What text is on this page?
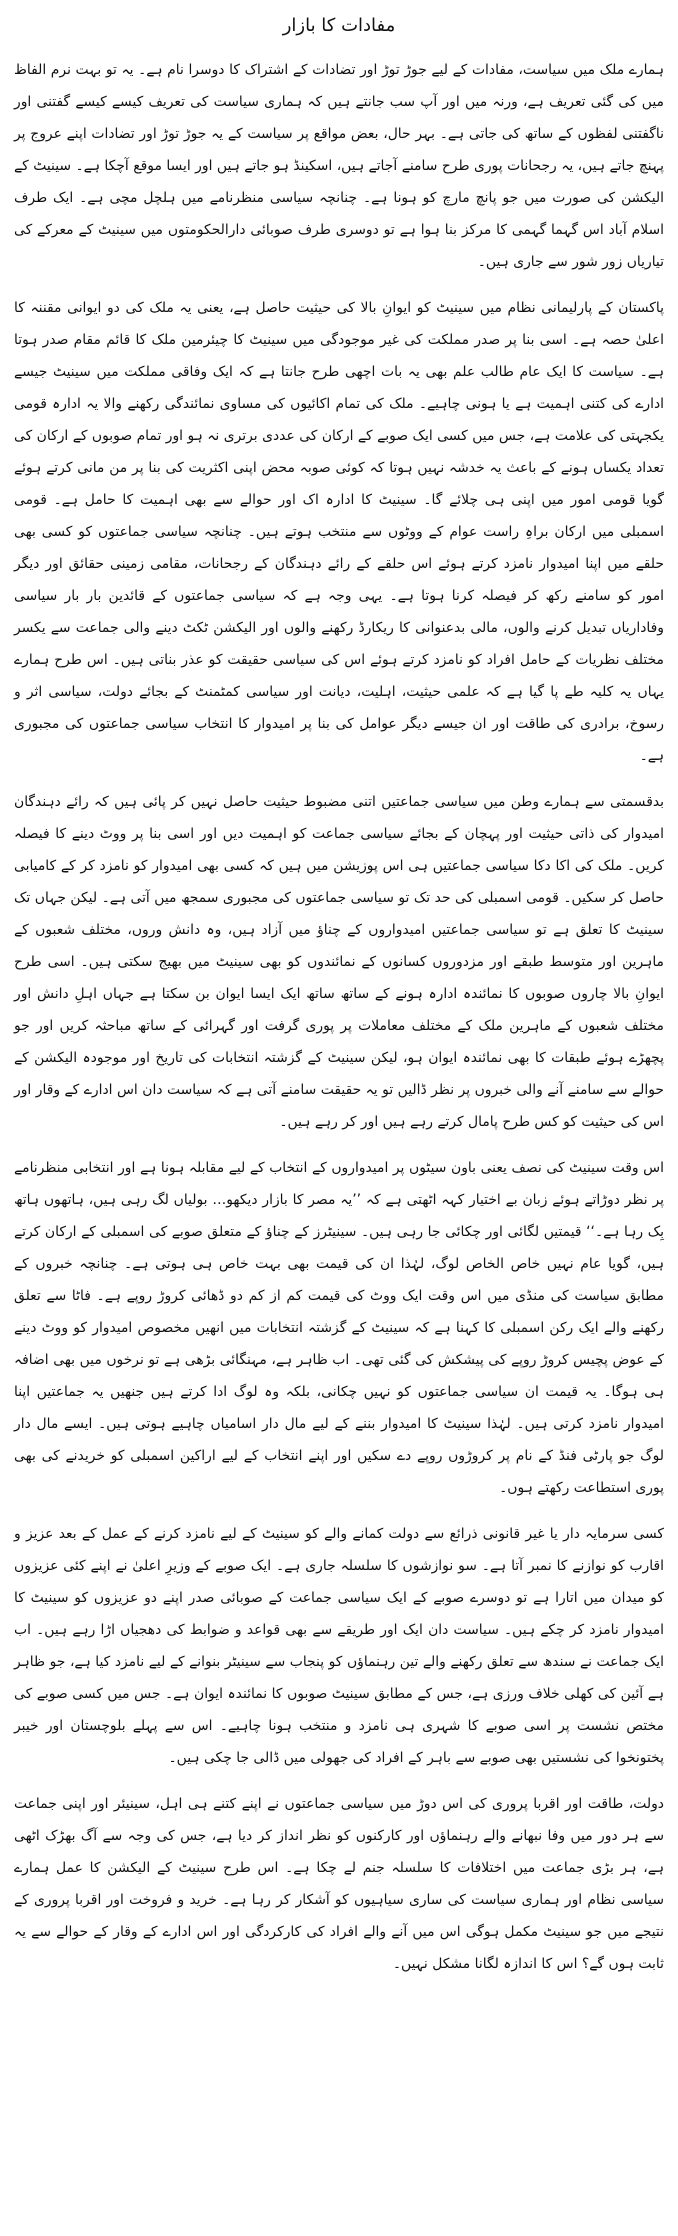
مفادات کا بازار

ہمارے ملک میں سیاست، مفادات کے لیے جوڑ توڑ اور تضادات کے اشتراک کا دوسرا نام ہے۔ یہ تو بہت نرم الفاظ میں کی گئی تعریف ہے، ورنہ میں اور آپ سب جانتے ہیں کہ ہماری سیاست کی تعریف کیسے کیسے گفتنی اور ناگفتنی لفظوں کے ساتھ کی جاتی ہے۔ بہر حال، بعض مواقع پر سیاست کے یہ جوڑ توڑ اور تضادات اپنے عروج پر پہنچ جاتے ہیں، یہ رجحانات پوری طرح سامنے آجاتے ہیں، اسکینڈ ہو جاتے ہیں اور ایسا موقع آچکا ہے۔ سینیٹ کے الیکشن کی صورت میں جو پانچ مارچ کو ہونا ہے۔ چنانچہ سیاسی منظرنامے میں ہلچل مچی ہے۔ ایک طرف اسلام آباد اس گہما گہمی کا مرکز بنا ہوا ہے تو دوسری طرف صوبائی دارالحکومتوں میں سینیٹ کے معرکے کی تیاریاں زور شور سے جاری ہیں۔

پاکستان کے پارلیمانی نظام میں سینیٹ کو ایوانِ بالا کی حیثیت حاصل ہے، یعنی یہ ملک کی دو ایوانی مقننہ کا اعلیٰ حصہ ہے۔ اسی بنا پر صدر مملکت کی غیر موجودگی میں سینیٹ کا چیئرمین ملک کا قائم مقام صدر ہوتا ہے۔ سیاست کا ایک عام طالب علم بھی یہ بات اچھی طرح جانتا ہے کہ ایک وفاقی مملکت میں سینیٹ جیسے ادارے کی کتنی اہمیت ہے یا ہونی چاہیے۔ ملک کی تمام اکائیوں کی مساوی نمائندگی رکھنے والا یہ ادارہ قومی یکجہتی کی علامت ہے، جس میں کسی ایک صوبے کے ارکان کی عددی برتری نہ ہو اور تمام صوبوں کے ارکان کی تعداد یکساں ہونے کے باعث یہ خدشہ نہیں ہوتا کہ کوئی صوبہ محض اپنی اکثریت کی بنا پر من مانی کرتے ہوئے گویا قومی امور میں اپنی ہی چلائے گا۔ سینیٹ کا ادارہ اک اور حوالے سے بھی اہمیت کا حامل ہے۔ قومی اسمبلی میں ارکان براہِ راست عوام کے ووٹوں سے منتخب ہوتے ہیں۔ چنانچہ سیاسی جماعتوں کو کسی بھی حلقے میں اپنا امیدوار نامزد کرتے ہوئے اس حلقے کے رائے دہندگان کے رجحانات، مقامی زمینی حقائق اور دیگر امور کو سامنے رکھ کر فیصلہ کرنا ہوتا ہے۔ یہی وجہ ہے کہ سیاسی جماعتوں کے قائدین بار بار سیاسی وفاداریاں تبدیل کرنے والوں، مالی بدعنوانی کا ریکارڈ رکھنے والوں اور الیکشن ٹکٹ دینے والی جماعت سے یکسر مختلف نظریات کے حامل افراد کو نامزد کرتے ہوئے اس کی سیاسی حقیقت کو عذر بناتی ہیں۔ اس طرح ہمارے یہاں یہ کلیہ طے پا گیا ہے کہ علمی حیثیت، اہلیت، دیانت اور سیاسی کمٹمنٹ کے بجائے دولت، سیاسی اثر و رسوخ، برادری کی طاقت اور ان جیسے دیگر عوامل کی بنا پر امیدوار کا انتخاب سیاسی جماعتوں کی مجبوری ہے۔

بدقسمتی سے ہمارے وطن میں سیاسی جماعتیں اتنی مضبوط حیثیت حاصل نہیں کر پائی ہیں کہ رائے دہندگان امیدوار کی ذاتی حیثیت اور پہچان کے بجائے سیاسی جماعت کو اہمیت دیں اور اسی بنا پر ووٹ دینے کا فیصلہ کریں۔ ملک کی اکا دکا سیاسی جماعتیں ہی اس پوزیشن میں ہیں کہ کسی بھی امیدوار کو نامزد کر کے کامیابی حاصل کر سکیں۔ قومی اسمبلی کی حد تک تو سیاسی جماعتوں کی مجبوری سمجھ میں آتی ہے۔ لیکن جہاں تک سینیٹ کا تعلق ہے تو سیاسی جماعتیں امیدواروں کے چناؤ میں آزاد ہیں، وہ دانش وروں، مختلف شعبوں کے ماہرین اور متوسط طبقے اور مزدوروں کسانوں کے نمائندوں کو بھی سینیٹ میں بھیج سکتی ہیں۔ اسی طرح ایوانِ بالا چاروں صوبوں کا نمائندہ ادارہ ہونے کے ساتھ ساتھ ایک ایسا ایوان بن سکتا ہے جہاں اہلِ دانش اور مختلف شعبوں کے ماہرین ملک کے مختلف معاملات پر پوری گرفت اور گہرائی کے ساتھ مباحثہ کریں اور جو پچھڑے ہوئے طبقات کا بھی نمائندہ ایوان ہو، لیکن سینیٹ کے گزشتہ انتخابات کی تاریخ اور موجودہ الیکشن کے حوالے سے سامنے آنے والی خبروں پر نظر ڈالیں تو یہ حقیقت سامنے آتی ہے کہ سیاست دان اس ادارے کے وقار اور اس کی حیثیت کو کس طرح پامال کرتے رہے ہیں اور کر رہے ہیں۔

اس وقت سینیٹ کی نصف یعنی باون سیٹوں پر امیدواروں کے انتخاب کے لیے مقابلہ ہونا ہے اور انتخابی منظرنامے پر نظر دوڑاتے ہوئے زبان بے اختیار کہہ اٹھتی ہے کہ ’’یہ مصر کا بازار دیکھو… بولیاں لگ رہی ہیں، ہاتھوں ہاتھ بِک رہا ہے۔‘‘ قیمتیں لگائی اور چکائی جا رہی ہیں۔ سینیٹرز کے چناؤ کے متعلق صوبے کی اسمبلی کے ارکان کرتے ہیں، گویا عام نہیں خاص الخاص لوگ، لہٰذا ان کی قیمت بھی بہت خاص ہی ہوتی ہے۔ چنانچہ خبروں کے مطابق سیاست کی منڈی میں اس وقت ایک ووٹ کی قیمت کم از کم دو ڈھائی کروڑ روپے ہے۔ فاٹا سے تعلق رکھنے والے ایک رکن اسمبلی کا کہنا ہے کہ سینیٹ کے گزشتہ انتخابات میں انھیں مخصوص امیدوار کو ووٹ دینے کے عوض پچیس کروڑ روپے کی پیشکش کی گئی تھی۔ اب ظاہر ہے، مہنگائی بڑھی ہے تو نرخوں میں بھی اضافہ ہی ہوگا۔ یہ قیمت ان سیاسی جماعتوں کو نہیں چکانی، بلکہ وہ لوگ ادا کرتے ہیں جنھیں یہ جماعتیں اپنا امیدوار نامزد کرتی ہیں۔ لہٰذا سینیٹ کا امیدوار بننے کے لیے مال دار اسامیاں چاہیے ہوتی ہیں۔ ایسے مال دار لوگ جو پارٹی فنڈ کے نام پر کروڑوں روپے دے سکیں اور اپنے انتخاب کے لیے اراکین اسمبلی کو خریدنے کی بھی پوری استطاعت رکھتے ہوں۔

کسی سرمایہ دار یا غیر قانونی ذرائع سے دولت کمانے والے کو سینیٹ کے لیے نامزد کرنے کے عمل کے بعد عزیز و اقارب کو نوازنے کا نمبر آتا ہے۔ سو نوازشوں کا سلسلہ جاری ہے۔ ایک صوبے کے وزیرِ اعلیٰ نے اپنے کئی عزیزوں کو میدان میں اتارا ہے تو دوسرے صوبے کے ایک سیاسی جماعت کے صوبائی صدر اپنے دو عزیزوں کو سینیٹ کا امیدوار نامزد کر چکے ہیں۔ سیاست دان ایک اور طریقے سے بھی قواعد و ضوابط کی دھجیاں اڑا رہے ہیں۔ اب ایک جماعت نے سندھ سے تعلق رکھنے والے تین رہنماؤں کو پنجاب سے سینیٹر بنوانے کے لیے نامزد کیا ہے، جو ظاہر ہے آئین کی کھلی خلاف ورزی ہے، جس کے مطابق سینیٹ صوبوں کا نمائندہ ایوان ہے۔ جس میں کسی صوبے کی مختص نشست پر اسی صوبے کا شہری ہی نامزد و منتخب ہونا چاہیے۔ اس سے پہلے بلوچستان اور خیبر پختونخوا کی نشستیں بھی صوبے سے باہر کے افراد کی جھولی میں ڈالی جا چکی ہیں۔

دولت، طاقت اور اقربا پروری کی اس دوڑ میں سیاسی جماعتوں نے اپنے کتنے ہی اہل، سینیئر اور اپنی جماعت سے ہر دور میں وفا نبھانے والے رہنماؤں اور کارکنوں کو نظر انداز کر دیا ہے، جس کی وجہ سے آگ بھڑک اٹھی ہے، ہر بڑی جماعت میں اختلافات کا سلسلہ جنم لے چکا ہے۔ اس طرح سینیٹ کے الیکشن کا عمل ہمارے سیاسی نظام اور ہماری سیاست کی ساری سیاہیوں کو آشکار کر رہا ہے۔ خرید و فروخت اور اقربا پروری کے نتیجے میں جو سینیٹ مکمل ہوگی اس میں آنے والے افراد کی کارکردگی اور اس ادارے کے وقار کے حوالے سے یہ ثابت ہوں گے؟ اس کا اندازہ لگانا مشکل نہیں۔
